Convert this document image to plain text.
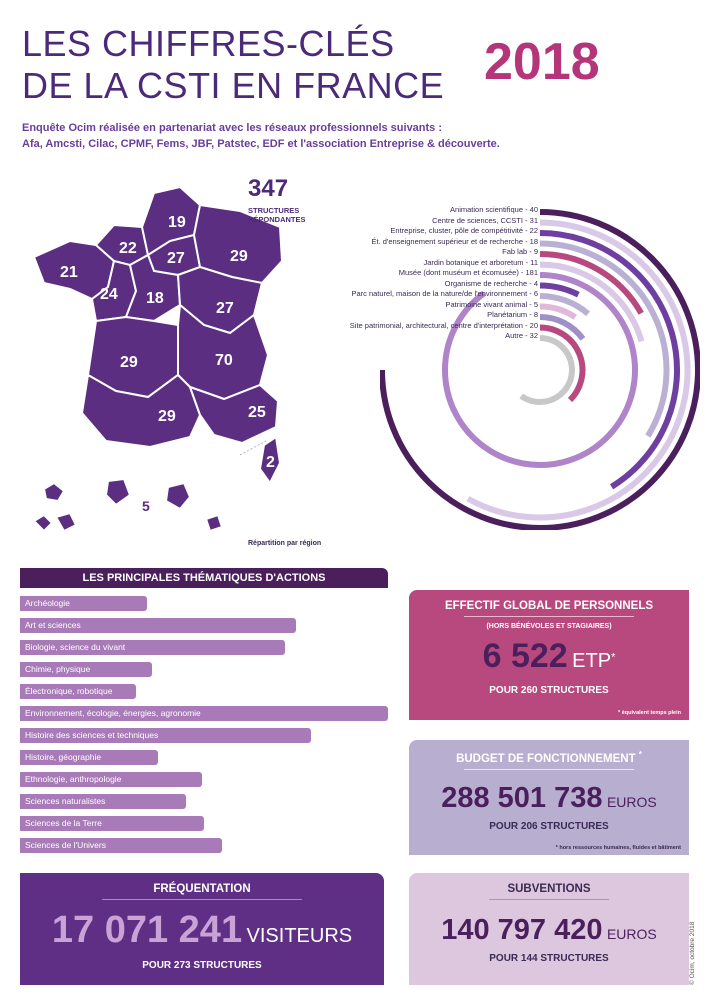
LES CHIFFRES-CLÉS
DE LA CSTI EN FRANCE 2018
Enquête Ocim réalisée en partenariat avec les réseaux professionnels suivants :
Afa, Amcsti, Cilac, CPMF, Fems, JBF, Patstec, EDF et l'association Entreprise & découverte.
21
22
19
27	29
24 18
27
29	70
29	25
2
5
347
STRUCTURES
RÉPONDANTES
Répartition par région
Animation scientifique - 40
Centre de sciences, CCSTI - 31
Entreprise, cluster, pôle de compétitivité - 22
Ét. d'enseignement supérieur et de recherche - 18
Fab lab - 9
Jardin botanique et arboretum - 11
Musée (dont muséum et écomusée) - 181
Organisme de recherche - 4
Parc naturel, maison de la nature/de l'environnement - 6
Patrimoine vivant animal - 5
Planétarium - 8
Site patrimonial, architectural, centre d'interprétation - 20
Autre - 32
LES PRINCIPALES THÉMATIQUES D'ACTIONS
Archéologie
Art et sciences
Biologie, science du vivant
Chimie, physique
Électronique, robotique
Environnement, écologie, énergies, agronomie
Histoire des sciences et techniques
Histoire, géographie
Ethnologie, anthropologie
Sciences naturalistes
Sciences de la Terre
Sciences de l'Univers
EFFECTIF GLOBAL DE PERSONNELS
(HORS BÉNÉVOLES ET STAGIAIRES)
6 522 ETP*
POUR 260 STRUCTURES
* équivalent temps plein
BUDGET DE FONCTIONNEMENT *
288 501 738 EUROS
POUR 206 STRUCTURES
* hors ressources humaines, fluides et bâtiment
FRÉQUENTATION
17 071 241 VISITEURS
POUR 273 STRUCTURES
SUBVENTIONS
140 797 420 EUROS
POUR 144 STRUCTURES	© Ocim, octobre 2018
